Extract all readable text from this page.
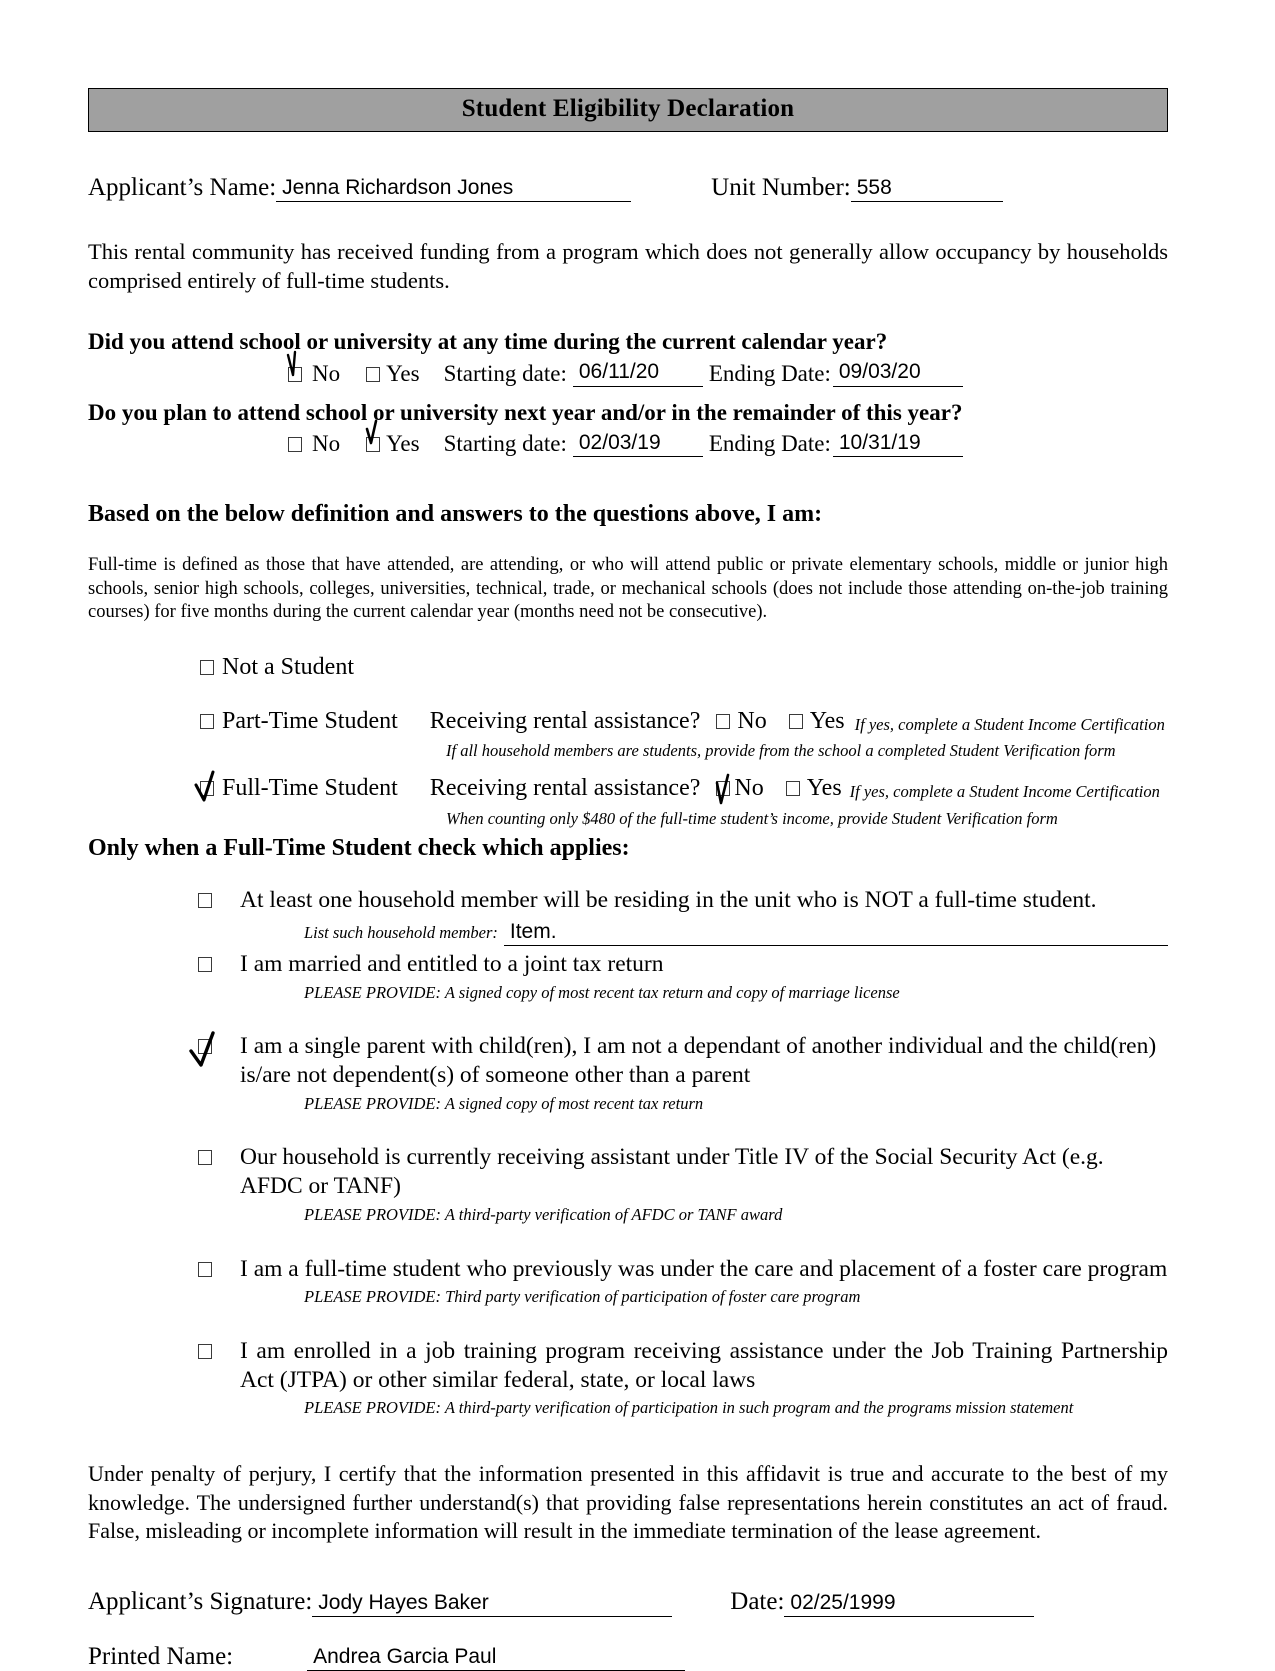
Student Eligibility Declaration
Applicant’s Name: Jenna Richardson Jones	Unit Number: 558
This rental community has received funding from a program which does not generally allow occupancy by households comprised entirely of full-time students.
Did you attend school or university at any time during the current calendar year?
No Yes Starting date: 06/11/20	Ending Date: 09/03/20
Do you plan to attend school or university next year and/or in the remainder of this year?
No Yes Starting date: 02/03/19	Ending Date: 10/31/19
Based on the below definition and answers to the questions above, I am:
Full-time is defined as those that have attended, are attending, or who will attend public or private elementary schools, middle or junior high schools, senior high schools, colleges, universities, technical, trade, or mechanical schools (does not include those attending on-the-job training courses) for five months during the current calendar year (months need not be consecutive).
Not a Student
Part-Time Student Receiving rental assistance? No Yes If yes, complete a Student Income Certification
If all household members are students, provide from the school a completed Student Verification form
Full-Time Student Receiving rental assistance? No Yes If yes, complete a Student Income Certification
When counting only $480 of the full-time student’s income, provide Student Verification form
Only when a Full-Time Student check which applies:
At least one household member will be residing in the unit who is NOT a full-time student.
List such household member: Item.
I am married and entitled to a joint tax return
PLEASE PROVIDE: A signed copy of most recent tax return and copy of marriage license
I am a single parent with child(ren), I am not a dependant of another individual and the child(ren) is/are not dependent(s) of someone other than a parent
PLEASE PROVIDE: A signed copy of most recent tax return
Our household is currently receiving assistant under Title IV of the Social Security Act (e.g. AFDC or TANF)
PLEASE PROVIDE: A third-party verification of AFDC or TANF award
I am a full-time student who previously was under the care and placement of a foster care program
PLEASE PROVIDE: Third party verification of participation of foster care program
I am enrolled in a job training program receiving assistance under the Job Training Partnership Act (JTPA) or other similar federal, state, or local laws
PLEASE PROVIDE: A third-party verification of participation in such program and the programs mission statement
Under penalty of perjury, I certify that the information presented in this affidavit is true and accurate to the best of my knowledge. The undersigned further understand(s) that providing false representations herein constitutes an act of fraud. False, misleading or incomplete information will result in the immediate termination of the lease agreement.
Applicant’s Signature: Jody Hayes Baker	Date: 02/25/1999
Printed Name:	Andrea Garcia Paul
